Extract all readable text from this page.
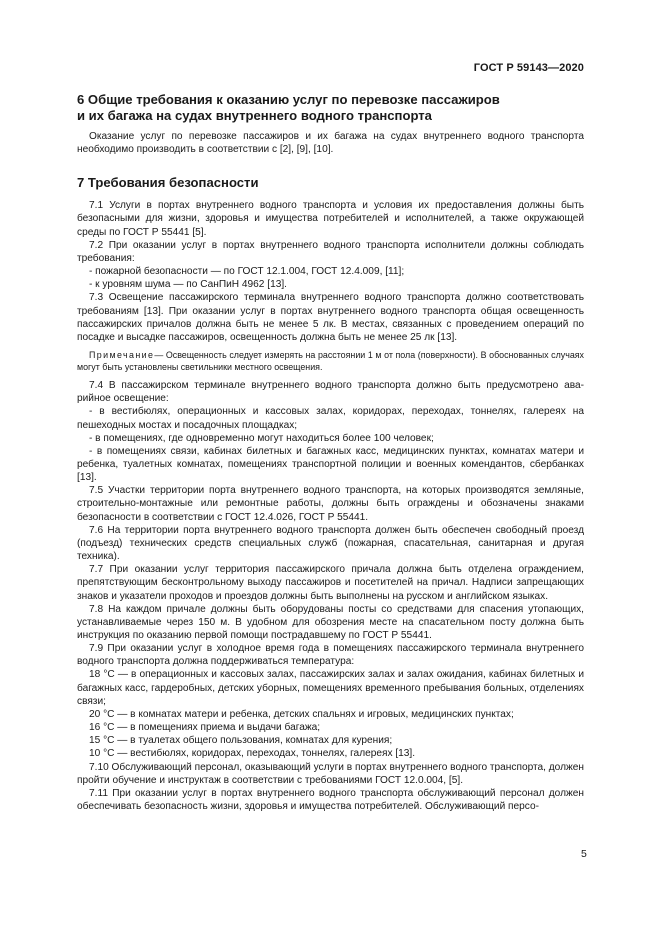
ГОСТ Р 59143—2020
6 Общие требования к оказанию услуг по перевозке пассажиров
и их багажа на судах внутреннего водного транспорта

Оказание услуг по перевозке пассажиров и их багажа на судах внутреннего водного транспорта необходимо производить в соответствии с [2], [9], [10].

7 Требования безопасности

7.1 Услуги в портах внутреннего водного транспорта и условия их предоставления должны быть безопасными для жизни, здоровья и имущества потребителей и исполнителей, а также окружающей среды по ГОСТ Р 55441 [5].

7.2 При оказании услуг в портах внутреннего водного транспорта исполнители должны соблюдать требования:

- пожарной безопасности — по ГОСТ 12.1.004, ГОСТ 12.4.009, [11];

- к уровням шума — по СанПиН 4962 [13].

7.3 Освещение пассажирского терминала внутреннего водного транспорта должно соответствовать требованиям [13]. При оказании услуг в портах внутреннего водного транспорта общая освещенность пассажирских причалов должна быть не менее 5 лк. В местах, связанных с проведением операций по посадке и высадке пассажиров, освещенность должна быть не менее 25 лк [13].

Примечание— Освещенность следует измерять на расстоянии 1 м от пола (поверхности). В обоснованных случаях могут быть установлены светильники местного освещения.

7.4 В пассажирском терминале внутреннего водного транспорта должно быть предусмотрено аварийное освещение:

- в вестибюлях, операционных и кассовых залах, коридорах, переходах, тоннелях, галереях на пешеходных мостах и посадочных площадках;

- в помещениях, где одновременно могут находиться более 100 человек;

- в помещениях связи, кабинах билетных и багажных касс, медицинских пунктах, комнатах матери и ребенка, туалетных комнатах, помещениях транспортной полиции и военных комендантов, сбербанках [13].

7.5 Участки территории порта внутреннего водного транспорта, на которых производятся земляные, строительно-монтажные или ремонтные работы, должны быть ограждены и обозначены знаками безопасности в соответствии с ГОСТ 12.4.026, ГОСТ Р 55441.

7.6 На территории порта внутреннего водного транспорта должен быть обеспечен свободный проезд (подъезд) технических средств специальных служб (пожарная, спасательная, санитарная и другая техника).

7.7 При оказании услуг территория пассажирского причала должна быть отделена ограждением, препятствующим бесконтрольному выходу пассажиров и посетителей на причал. Надписи запрещающих знаков и указатели проходов и проездов должны быть выполнены на русском и английском языках.

7.8 На каждом причале должны быть оборудованы посты со средствами для спасения утопающих, устанавливаемые через 150 м. В удобном для обозрения месте на спасательном посту должна быть инструкция по оказанию первой помощи пострадавшему по ГОСТ Р 55441.

7.9 При оказании услуг в холодное время года в помещениях пассажирского терминала внутреннего водного транспорта должна поддерживаться температура:

18 °С — в операционных и кассовых залах, пассажирских залах и залах ожидания, кабинах билетных и багажных касс, гардеробных, детских уборных, помещениях временного пребывания больных, отделениях связи;

20 °С — в комнатах матери и ребенка, детских спальнях и игровых, медицинских пунктах;

16 °С — в помещениях приема и выдачи багажа;

15 °С — в туалетах общего пользования, комнатах для курения;

10 °С — вестибюлях, коридорах, переходах, тоннелях, галереях [13].

7.10 Обслуживающий персонал, оказывающий услуги в портах внутреннего водного транспорта, должен пройти обучение и инструктаж в соответствии с требованиями ГОСТ 12.0.004, [5].

7.11 При оказании услуг в портах внутреннего водного транспорта обслуживающий персонал должен обеспечивать безопасность жизни, здоровья и имущества потребителей. Обслуживающий персо-

5
